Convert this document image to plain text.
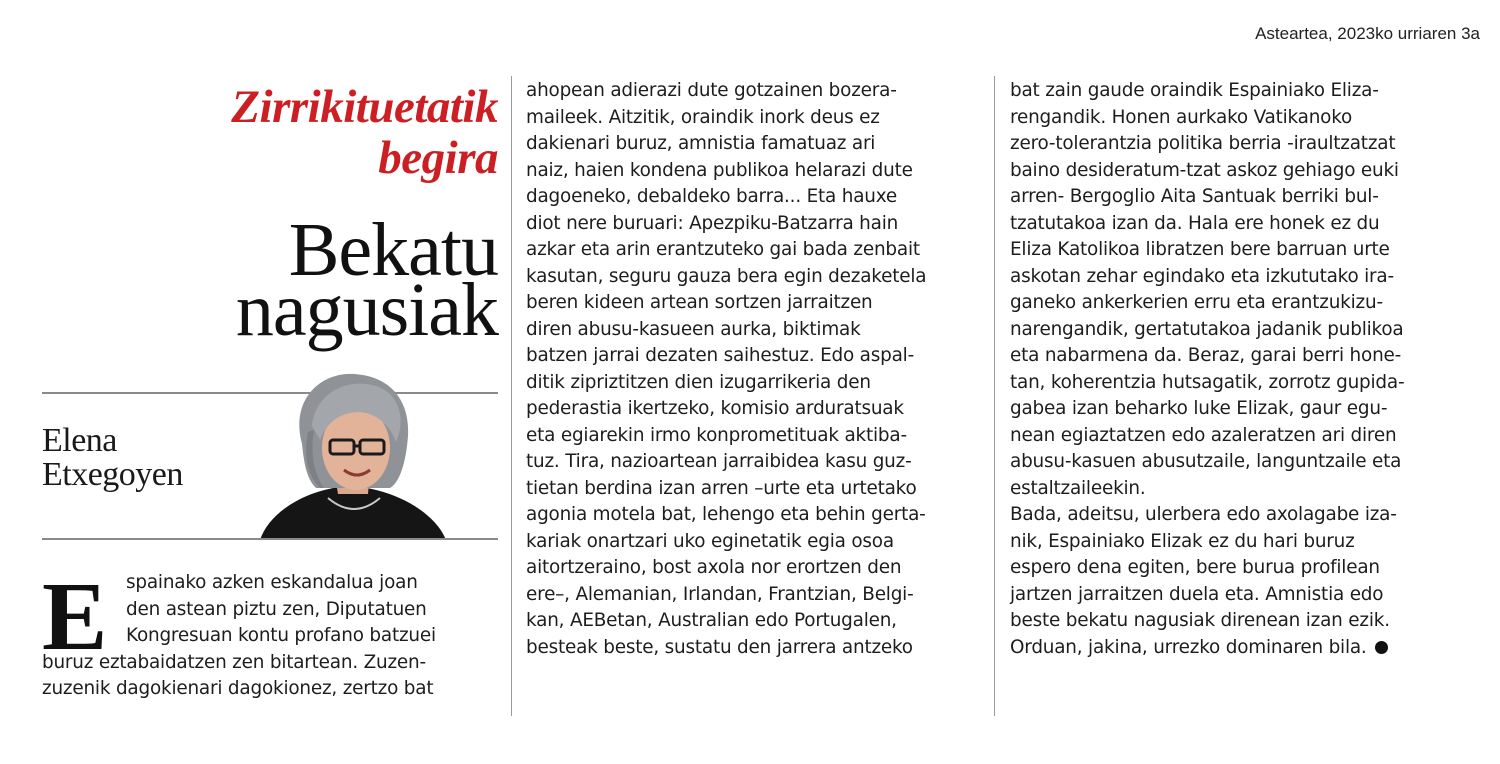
Asteartea, 2023ko urriaren 3a
Zirrikituetatik
begira
Bekatu
nagusiak
Elena
Etxegoyen
E	spainako azken eskandalua joan
den astean piztu zen, Diputatuen
Kongresuan kontu profano batzuei
buruz eztabaidatzen zen bitartean. Zuzen-
zuzenik dagokienari dagokionez, zertzo bat
ahopean adierazi dute gotzainen bozera-
maileek. Aitzitik, oraindik inork deus ez
dakienari buruz, amnistia famatuaz ari
naiz, haien kondena publikoa helarazi dute
dagoeneko, debaldeko barra... Eta hauxe
diot nere buruari: Apezpiku-Batzarra hain
azkar eta arin erantzuteko gai bada zenbait
kasutan, seguru gauza bera egin dezaketela
beren kideen artean sortzen jarraitzen
diren abusu-kasueen aurka, biktimak
batzen jarrai dezaten saihestuz. Edo aspal-
ditik zipriztitzen dien izugarrikeria den
pederastia ikertzeko, komisio arduratsuak
eta egiarekin irmo konprometituak aktiba-
tuz. Tira, nazioartean jarraibidea kasu guz-
tietan berdina izan arren –urte eta urtetako
agonia motela bat, lehengo eta behin gerta-
kariak onartzari uko eginetatik egia osoa
aitortzeraino, bost axola nor erortzen den
ere–, Alemanian, Irlandan, Frantzian, Belgi-
kan, AEBetan, Australian edo Portugalen,
besteak beste, sustatu den jarrera antzeko
bat zain gaude oraindik Espainiako Eliza-
rengandik. Honen aurkako Vatikanoko
zero-tolerantzia politika berria -iraultzatzat
baino desideratum-tzat askoz gehiago euki
arren- Bergoglio Aita Santuak berriki bul-
tzatutakoa izan da. Hala ere honek ez du
Eliza Katolikoa libratzen bere barruan urte
askotan zehar egindako eta izkututako ira-
ganeko ankerkerien erru eta erantzukizu-
narengandik, gertatutakoa jadanik publikoa
eta nabarmena da. Beraz, garai berri hone-
tan, koherentzia hutsagatik, zorrotz gupida-
gabea izan beharko luke Elizak, gaur egu-
nean egiaztatzen edo azaleratzen ari diren
abusu-kasuen abusutzaile, languntzaile eta
estaltzaileekin.
Bada, adeitsu, ulerbera edo axolagabe iza-
nik, Espainiako Elizak ez du hari buruz
espero dena egiten, bere burua profilean
jartzen jarraitzen duela eta. Amnistia edo
beste bekatu nagusiak direnean izan ezik.
Orduan, jakina, urrezko dominaren bila.
